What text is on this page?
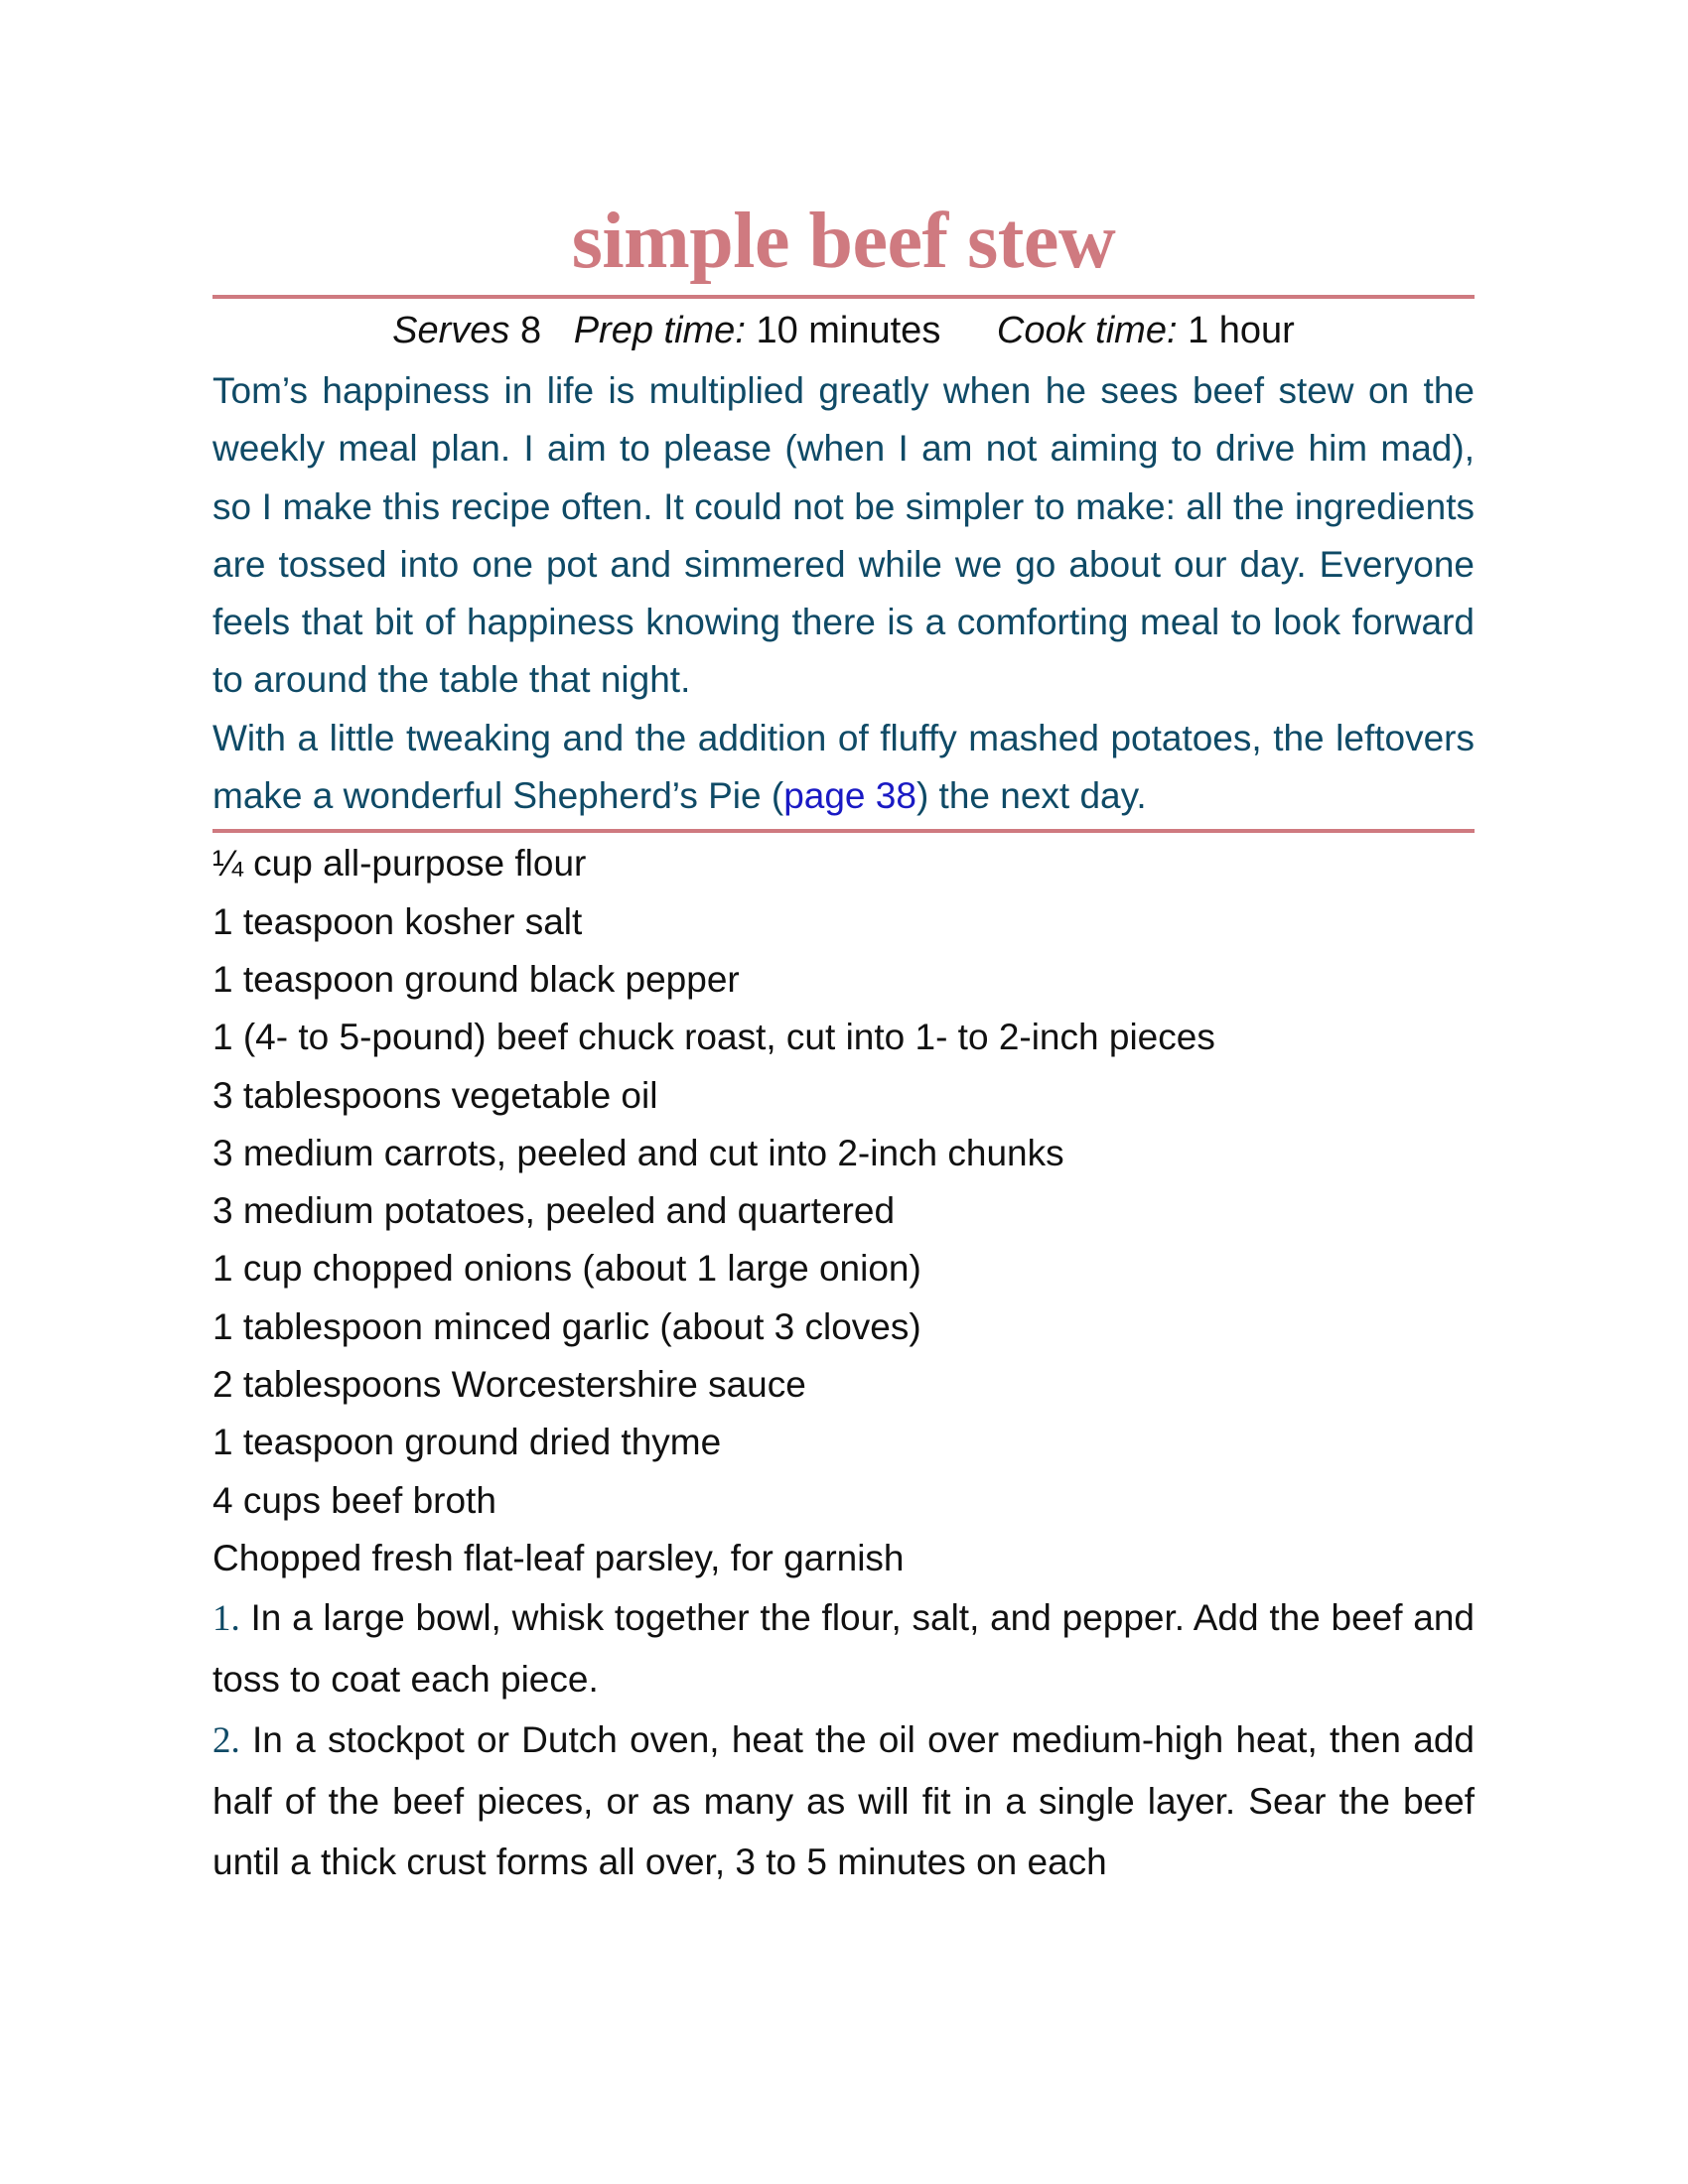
simple beef stew
Serves 8 Prep time: 10 minutes Cook time: 1 hour

Tom’s happiness in life is multiplied greatly when he sees beef stew on the weekly meal plan. I aim to please (when I am not aiming to drive him mad), so I make this recipe often. It could not be simpler to make: all the ingredients are tossed into one pot and simmered while we go about our day. Everyone feels that bit of happiness knowing there is a comforting meal to look forward to around the table that night.

With a little tweaking and the addition of fluffy mashed potatoes, the leftovers make a wonderful Shepherd’s Pie (page 38) the next day.

¼ cup all-purpose flour
1 teaspoon kosher salt
1 teaspoon ground black pepper
1 (4- to 5-pound) beef chuck roast, cut into 1- to 2-inch pieces
3 tablespoons vegetable oil
3 medium carrots, peeled and cut into 2-inch chunks
3 medium potatoes, peeled and quartered
1 cup chopped onions (about 1 large onion)
1 tablespoon minced garlic (about 3 cloves)
2 tablespoons Worcestershire sauce
1 teaspoon ground dried thyme
4 cups beef broth
Chopped fresh flat-leaf parsley, for garnish

1. In a large bowl, whisk together the flour, salt, and pepper. Add the beef and toss to coat each piece.

2. In a stockpot or Dutch oven, heat the oil over medium-high heat, then add half of the beef pieces, or as many as will fit in a single layer. Sear the beef until a thick crust forms all over, 3 to 5 minutes on each
